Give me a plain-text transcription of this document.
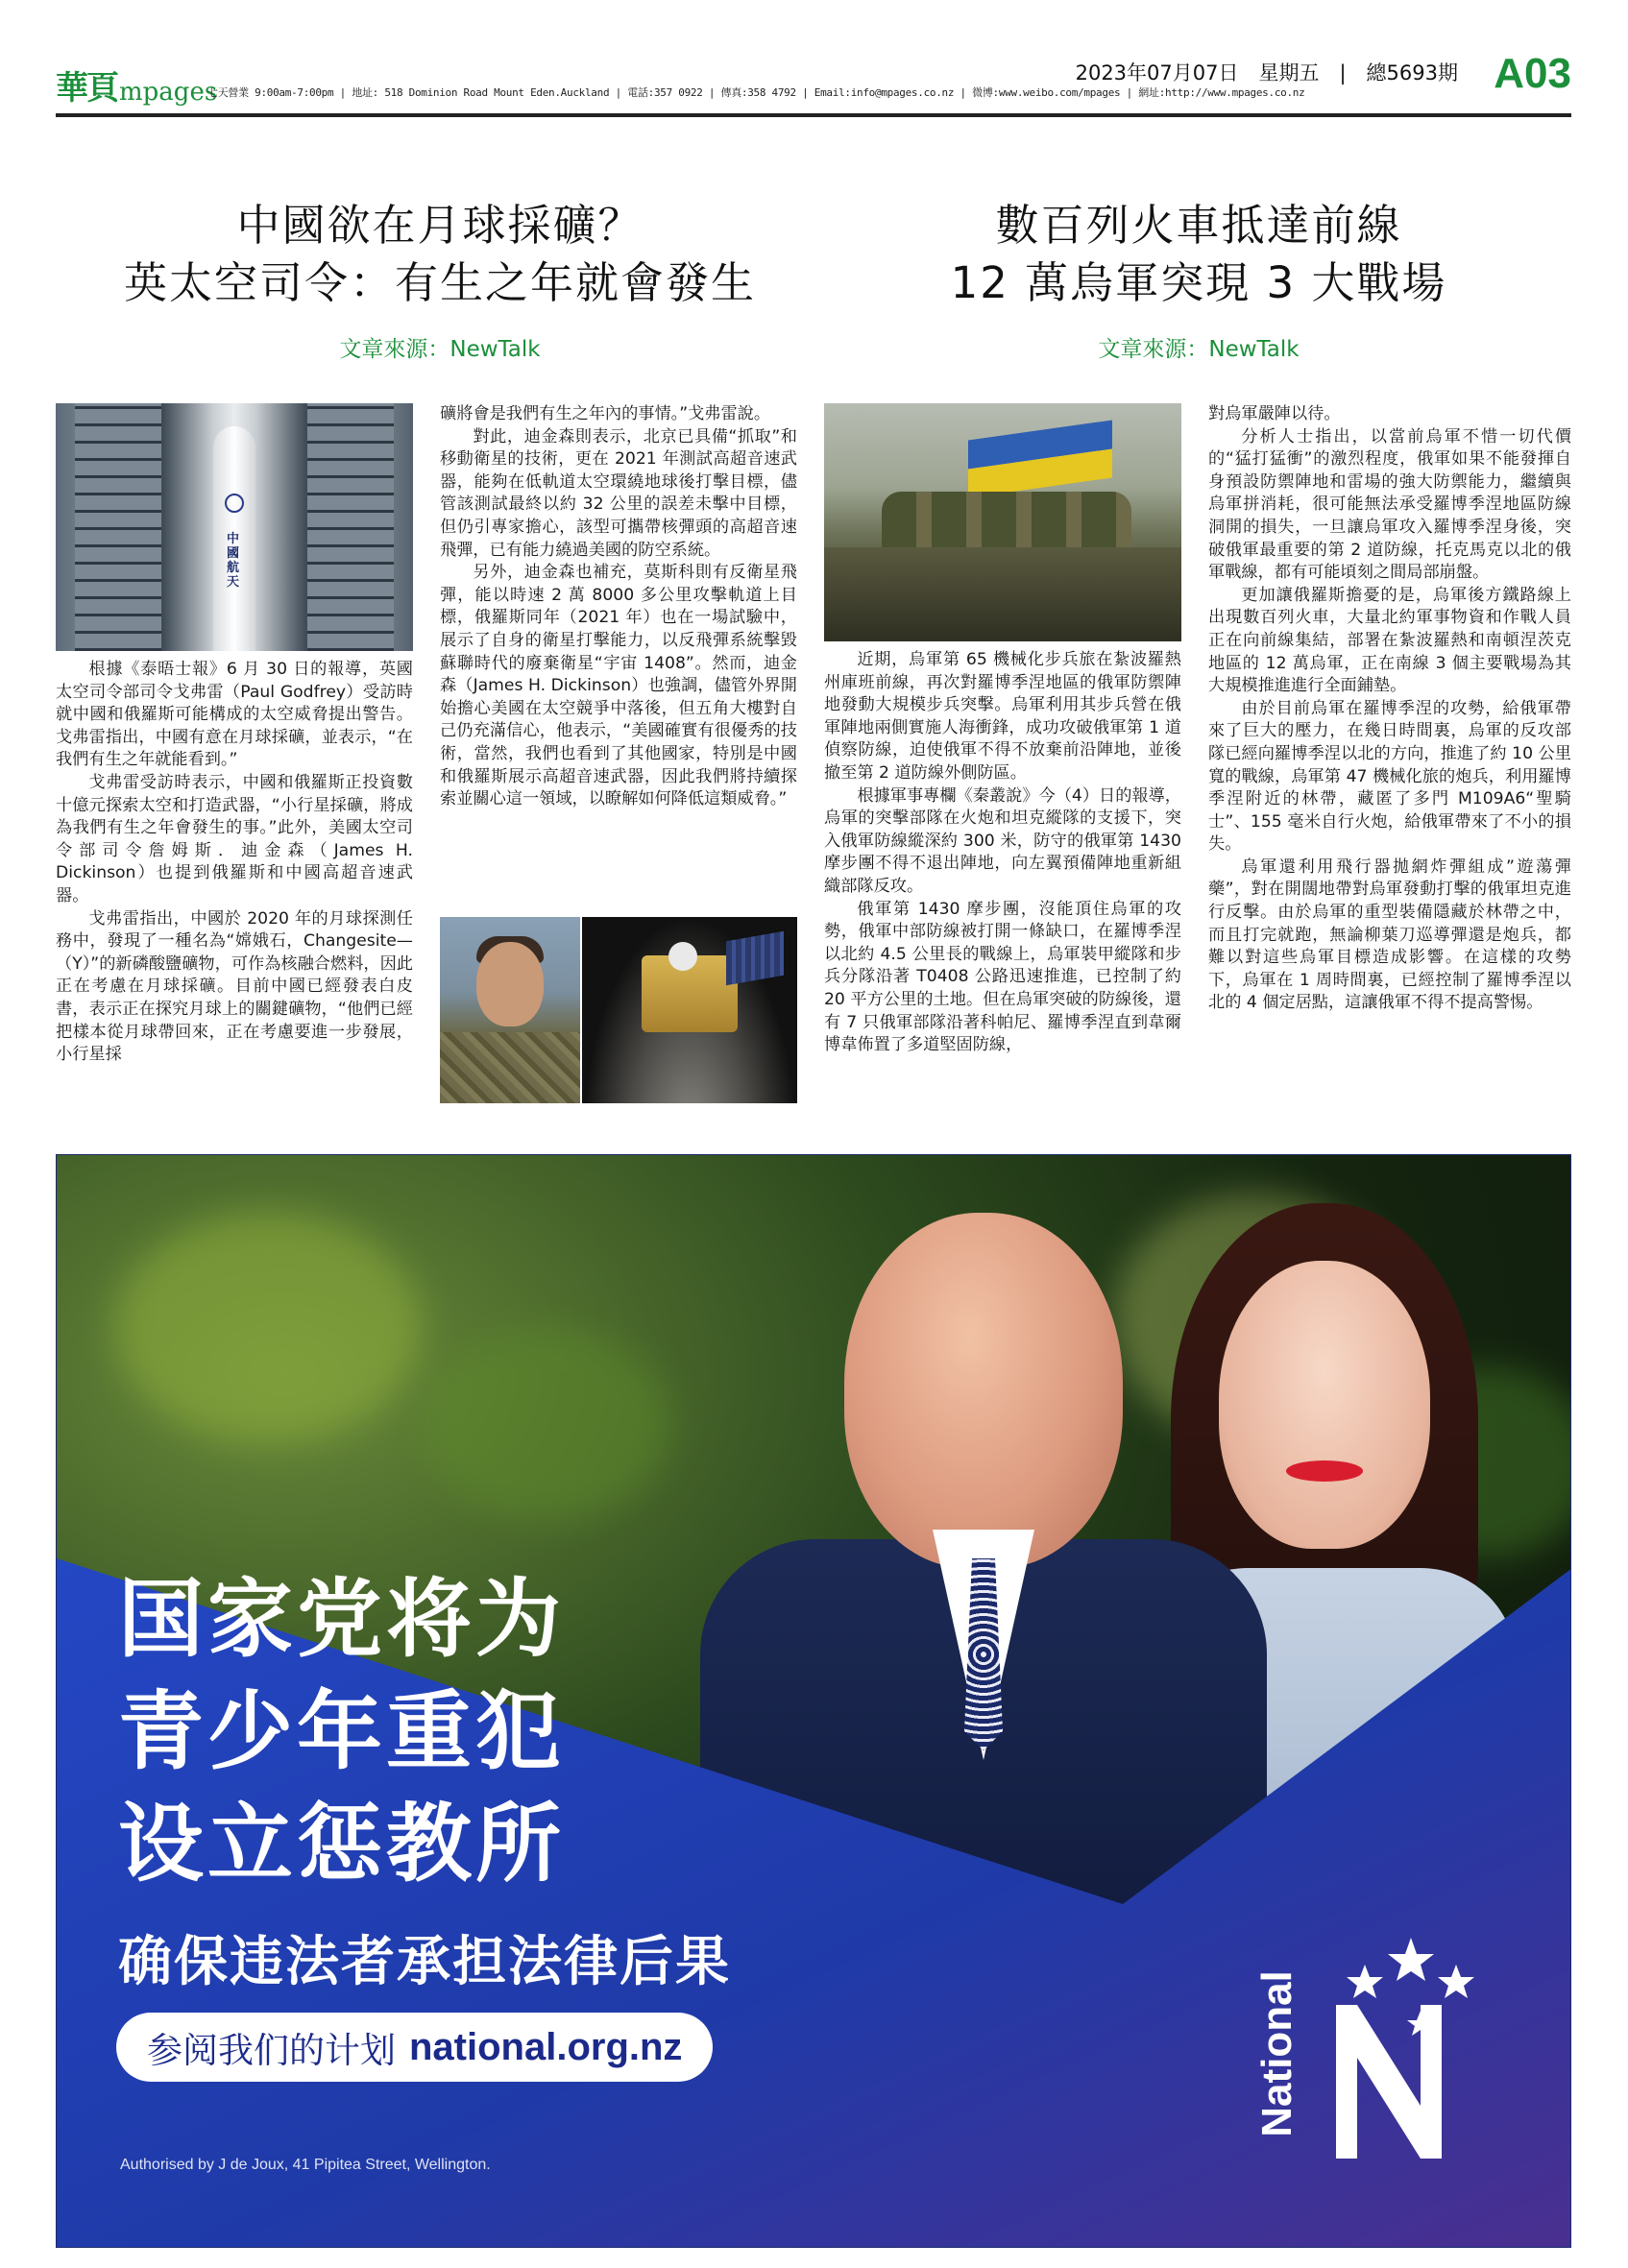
華頁 mpages
七天營業 9:00am-7:00pm | 地址: 518 Dominion Road Mount Eden.Auckland | 電話:357 0922 | 傳真:358 4792 | Email:info@mpages.co.nz | 微博:www.weibo.com/mpages | 網址:http://www.mpages.co.nz
2023年07月07日　星期五　|　總5693期 A03
中國欲在月球採礦？
英太空司令：有生之年就會發生
文章來源：NewTalk
中國航天

根據《泰晤士報》6 月 30 日的報導，英國太空司令部司令戈弗雷（Paul Godfrey）受訪時就中國和俄羅斯可能構成的太空威脅提出警告。戈弗雷指出，中國有意在月球採礦，並表示，“在我們有生之年就能看到。”

戈弗雷受訪時表示，中國和俄羅斯正投資數十億元探索太空和打造武器，“小行星採礦，將成為我們有生之年會發生的事。”此外，美國太空司令部司令詹姆斯．迪金森（James H. Dickinson）也提到俄羅斯和中國高超音速武器。

戈弗雷指出，中國於 2020 年的月球探測任務中，發現了一種名為“嫦娥石，Changesite—（Y）”的新磷酸鹽礦物，可作為核融合燃料，因此正在考慮在月球採礦。目前中國已經發表白皮書，表示正在探究月球上的關鍵礦物，“他們已經把樣本從月球帶回來，正在考慮要進一步發展，小行星採

礦將會是我們有生之年內的事情。”戈弗雷說。

對此，迪金森則表示，北京已具備“抓取”和移動衛星的技術，更在 2021 年測試高超音速武器，能夠在低軌道太空環繞地球後打擊目標，儘管該測試最終以約 32 公里的誤差未擊中目標，但仍引專家擔心，該型可攜帶核彈頭的高超音速飛彈，已有能力繞過美國的防空系統。

另外，迪金森也補充，莫斯科則有反衛星飛彈，能以時速 2 萬 8000 多公里攻擊軌道上目標，俄羅斯同年（2021 年）也在一場試驗中，展示了自身的衛星打擊能力，以反飛彈系統擊毀蘇聯時代的廢棄衛星“宇宙 1408”。然而，迪金森（James H. Dickinson）也強調，儘管外界開始擔心美國在太空競爭中落後，但五角大樓對自己仍充滿信心，他表示，“美國確實有很優秀的技術，當然，我們也看到了其他國家，特別是中國和俄羅斯展示高超音速武器，因此我們將持續探索並關心這一領域，以瞭解如何降低這類威脅。”

數百列火車抵達前線
12 萬烏軍突現 3 大戰場
文章來源：NewTalk

近期，烏軍第 65 機械化步兵旅在紮波羅熱州庫班前線，再次對羅博季涅地區的俄軍防禦陣地發動大規模步兵突擊。烏軍利用其步兵營在俄軍陣地兩側實施人海衝鋒，成功攻破俄軍第 1 道偵察防線，迫使俄軍不得不放棄前沿陣地，並後撤至第 2 道防線外側防區。

根據軍事專欄《秦叢說》今（4）日的報導，烏軍的突擊部隊在火炮和坦克縱隊的支援下，突入俄軍防線縱深約 300 米，防守的俄軍第 1430 摩步團不得不退出陣地，向左翼預備陣地重新組織部隊反攻。

俄軍第 1430 摩步團，沒能頂住烏軍的攻勢，俄軍中部防線被打開一條缺口，在羅博季涅以北約 4.5 公里長的戰線上，烏軍裝甲縱隊和步兵分隊沿著 T0408 公路迅速推進，已控制了約 20 平方公里的土地。但在烏軍突破的防線後，還有 7 只俄軍部隊沿著科帕尼、羅博季涅直到韋爾博韋佈置了多道堅固防線，

對烏軍嚴陣以待。

分析人士指出，以當前烏軍不惜一切代價的“猛打猛衝”的激烈程度，俄軍如果不能發揮自身預設防禦陣地和雷場的強大防禦能力，繼續與烏軍拼消耗，很可能無法承受羅博季涅地區防線洞開的損失，一旦讓烏軍攻入羅博季涅身後，突破俄軍最重要的第 2 道防線，托克馬克以北的俄軍戰線，都有可能頃刻之間局部崩盤。

更加讓俄羅斯擔憂的是，烏軍後方鐵路線上出現數百列火車，大量北約軍事物資和作戰人員正在向前線集結，部署在紮波羅熱和南頓涅茨克地區的 12 萬烏軍，正在南線 3 個主要戰場為其大規模推進進行全面鋪墊。

由於目前烏軍在羅博季涅的攻勢，給俄軍帶來了巨大的壓力，在幾日時間裏，烏軍的反攻部隊已經向羅博季涅以北的方向，推進了約 10 公里寬的戰線，烏軍第 47 機械化旅的炮兵，利用羅博季涅附近的林帶，藏匿了多門 M109A6“聖騎士”、155 毫米自行火炮，給俄軍帶來了不小的損失。

烏軍還利用飛行器拋網炸彈組成”遊蕩彈藥”，對在開闊地帶對烏軍發動打擊的俄軍坦克進行反擊。由於烏軍的重型裝備隱藏於林帶之中，而且打完就跑，無論柳葉刀巡導彈還是炮兵，都難以對這些烏軍目標造成影響。在這樣的攻勢下，烏軍在 1 周時間裏，已經控制了羅博季涅以北的 4 個定居點，這讓俄軍不得不提高警惕。

国家党将为
青少年重犯
设立惩教所
确保违法者承担法律后果
参阅我们的计划 national.org.nz
Authorised by J de Joux, 41 Pipitea Street, Wellington.
National
